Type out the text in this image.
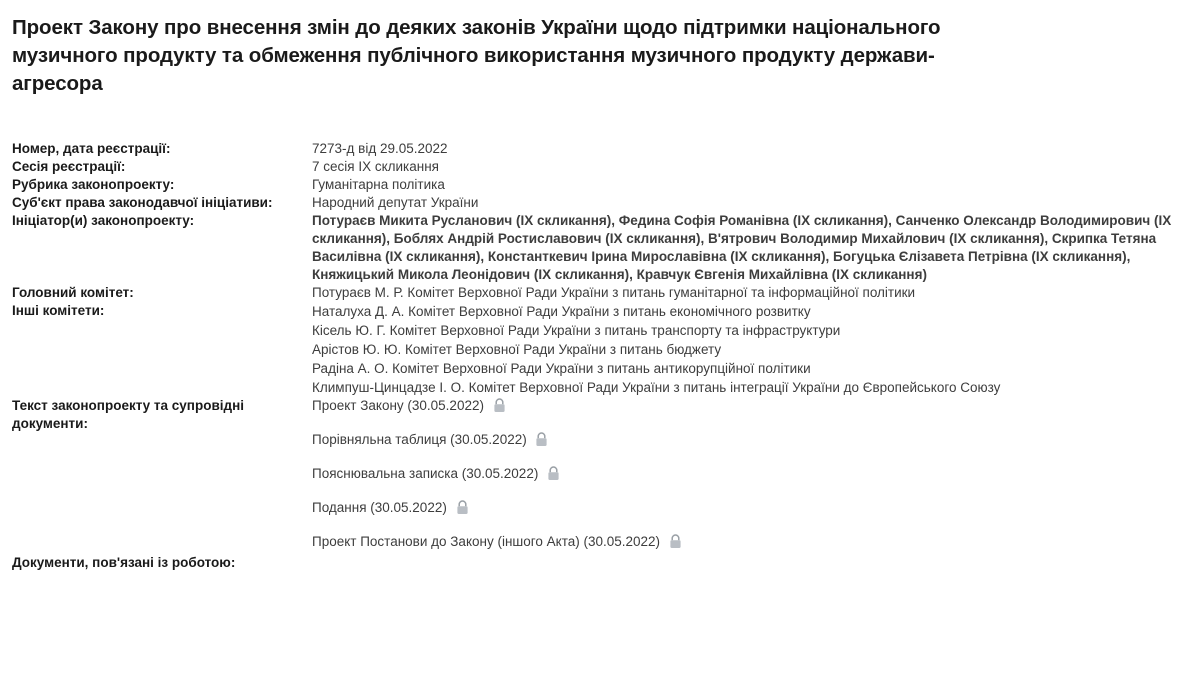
Проект Закону про внесення змін до деяких законів України щодо підтримки національного музичного продукту та обмеження публічного використання музичного продукту держави-агресора
Номер, дата реєстрації:	7273-д від 29.05.2022
Сесія реєстрації:	7 сесія IX скликання
Рубрика законопроекту:	Гуманітарна політика
Суб'єкт права законодавчої ініціативи:	Народний депутат України
Ініціатор(и) законопроекту:	Потураєв Микита Русланович (IX скликання), Федина Софія Романівна (IX скликання), Санченко Олександр Володимирович (IX скликання), Боблях Андрій Ростиславович (IX скликання), В'ятрович Володимир Михайлович (IX скликання), Скрипка Тетяна Василівна (IX скликання), Константкевич Ірина Мирославівна (IX скликання), Богуцька Єлізавета Петрівна (IX скликання), Княжицький Микола Леонідович (IX скликання), Кравчук Євгенія Михайлівна (IX скликання)
Головний комітет:	Потураєв М. Р. Комітет Верховної Ради України з питань гуманітарної та інформаційної політики
Інші комітети:	Наталуха Д. А. Комітет Верховної Ради України з питань економічного розвитку
Кісель Ю. Г. Комітет Верховної Ради України з питань транспорту та інфраструктури
Арістов Ю. Ю. Комітет Верховної Ради України з питань бюджету
Радіна А. О. Комітет Верховної Ради України з питань антикорупційної політики
Климпуш-Цинцадзе І. О. Комітет Верховної Ради України з питань інтеграції України до Європейського Союзу

Текст законопроекту та супровідні документи:	Проект Закону (30.05.2022)
Порівняльна таблиця (30.05.2022)
Пояснювальна записка (30.05.2022)
Подання (30.05.2022)
Проект Постанови до Закону (іншого Акта) (30.05.2022)

Документи, пов'язані із роботою:	
